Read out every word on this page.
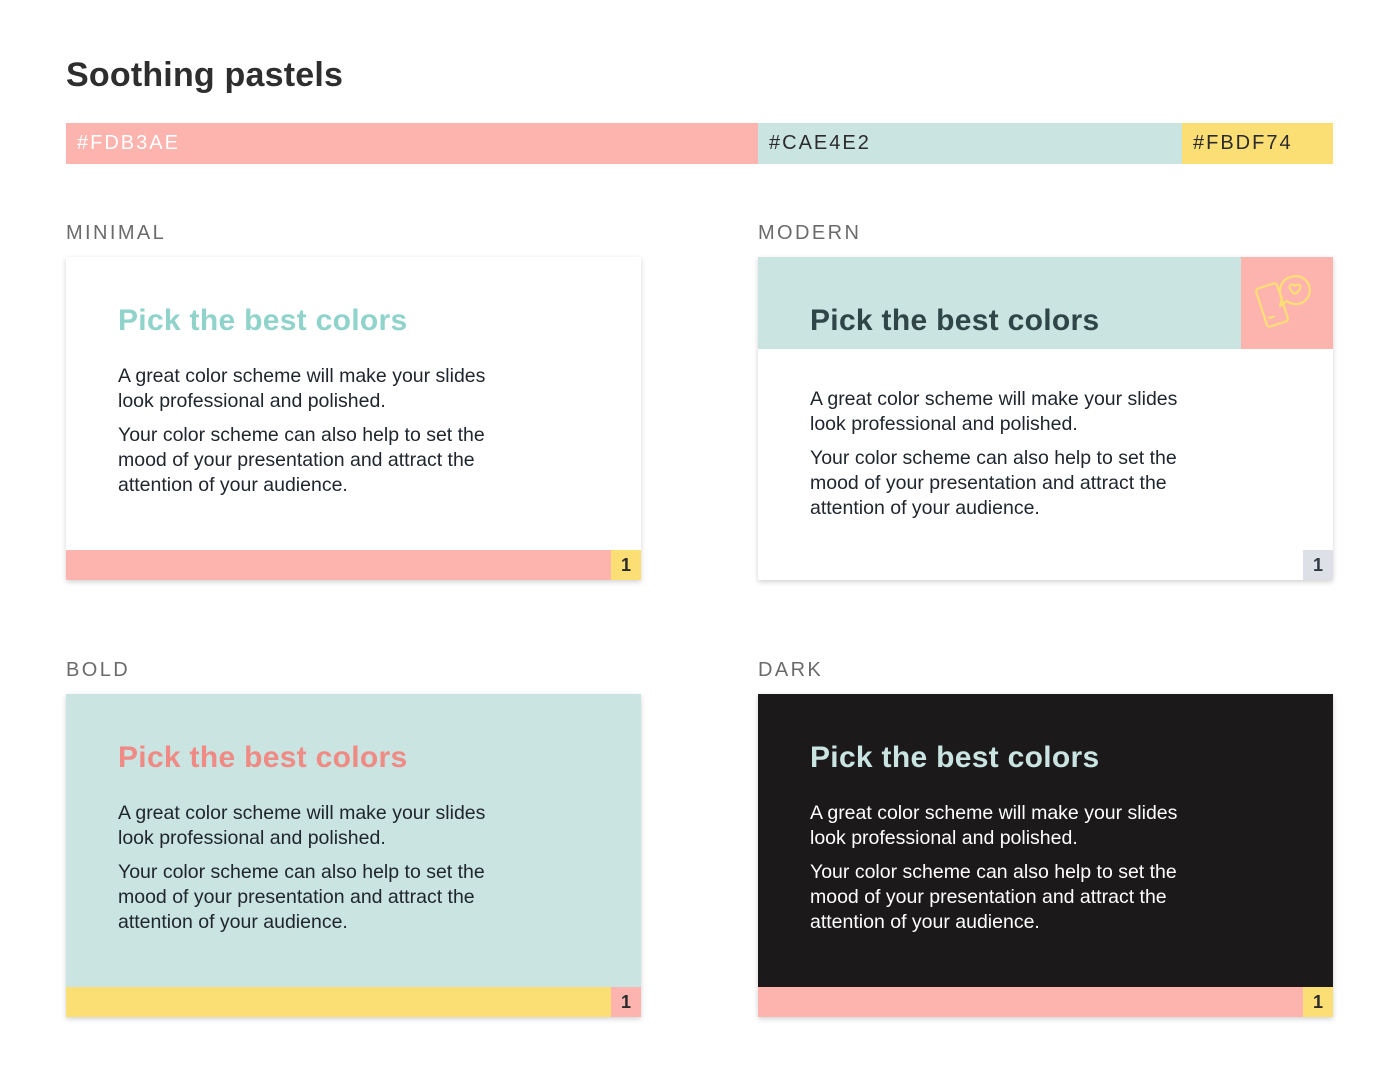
Soothing pastels
#FDB3AE	#CAE4E2	#FBDF74
MINIMAL
Pick the best colors

A great color scheme will make your slides look professional and polished.

Your color scheme can also help to set the mood of your presentation and attract the attention of your audience.

1
MODERN
Pick the best colors

A great color scheme will make your slides look professional and polished.

Your color scheme can also help to set the mood of your presentation and attract the attention of your audience.

1
BOLD
Pick the best colors

A great color scheme will make your slides look professional and polished.

Your color scheme can also help to set the mood of your presentation and attract the attention of your audience.

1
DARK
Pick the best colors

A great color scheme will make your slides look professional and polished.

Your color scheme can also help to set the mood of your presentation and attract the attention of your audience.

1
